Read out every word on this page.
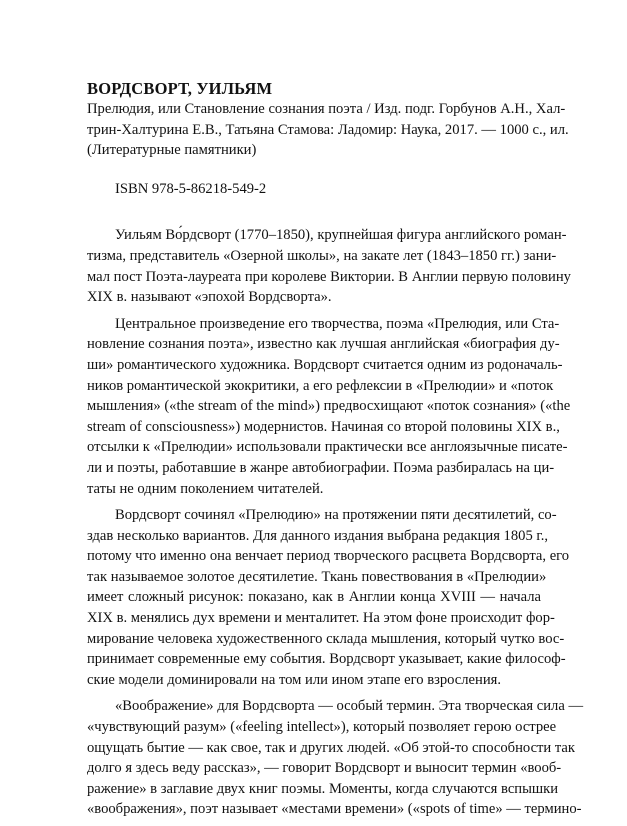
ВОРДСВОРТ, УИЛЬЯМ
Прелюдия, или Становление сознания поэта / Изд. подг. Горбунов А.Н., Хал-
трин-Халтурина Е.В., Татьяна Стамова: Ладомир: Наука, 2017. — 1000 с., ил.
(Литературные памятники)
ISBN 978-5-86218-549-2
Уильям Во́рдсворт (1770–1850), крупнейшая фигура английского роман-
тизма, представитель «Озерной школы», на закате лет (1843–1850 гг.) зани-
мал пост Поэта-лауреата при королеве Виктории. В Англии первую половину
XIX в. называют «эпохой Вордсворта».
Центральное произведение его творчества, поэма «Прелюдия, или Ста-
новление сознания поэта», известно как лучшая английская «биография ду-
ши» романтического художника. Вордсворт считается одним из родоначаль-
ников романтической экокритики, а его рефлексии в «Прелюдии» и «поток
мышления» («the stream of the mind») предвосхищают «поток сознания» («the
stream of consciousness») модернистов. Начиная со второй половины XIX в.,
отсылки к «Прелюдии» использовали практически все англоязычные писате-
ли и поэты, работавшие в жанре автобиографии. Поэма разбиралась на ци-
таты не одним поколением читателей.
Вордсворт сочинял «Прелюдию» на протяжении пяти десятилетий, со-
здав несколько вариантов. Для данного издания выбрана редакция 1805 г.,
потому что именно она венчает период творческого расцвета Вордсворта, его
так называемое золотое десятилетие. Ткань повествования в «Прелюдии»
имеет сложный рисунок: показано, как в Англии конца XVIII — начала
XIX в. менялись дух времени и менталитет. На этом фоне происходит фор-
мирование человека художественного склада мышления, который чутко вос-
принимает современные ему события. Вордсворт указывает, какие философ-
ские модели доминировали на том или ином этапе его взросления.
«Воображение» для Вордсворта — особый термин. Эта творческая сила —
«чувствующий разум» («feeling intellect»), который позволяет герою острее
ощущать бытие — как свое, так и других людей. «Об этой-то способности так
долго я здесь веду рассказ», — говорит Вордсворт и выносит термин «вооб-
ражение» в заглавие двух книг поэмы. Моменты, когда случаются вспышки
«воображения», поэт называет «местами времени» («spots of time» — термино-
